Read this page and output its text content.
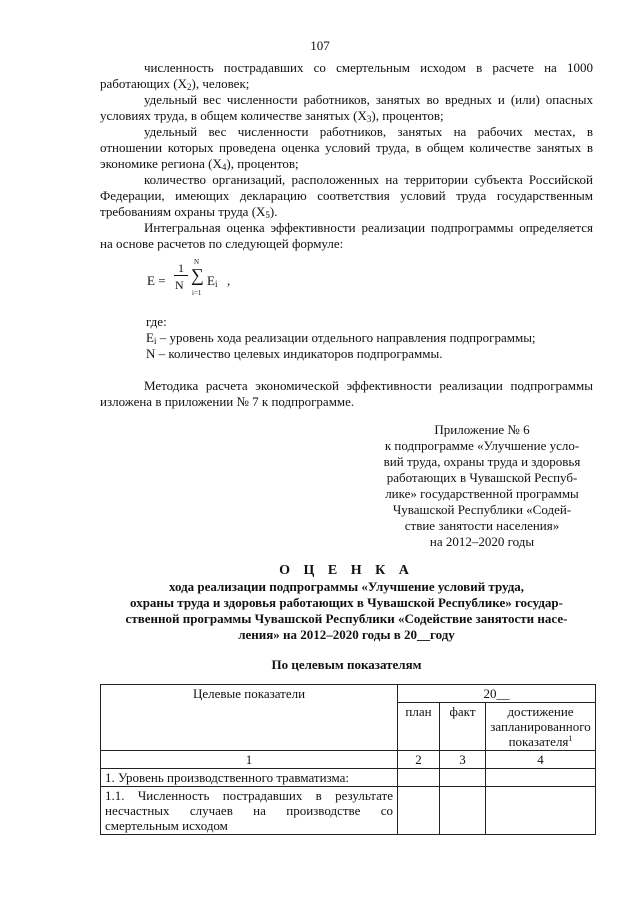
107

численность пострадавших со смертельным исходом в расчете на 1000 работающих $(Х_2)$, человек;

удельный вес численности работников, занятых во вредных и (или) опасных условиях труда, в общем количестве занятых $(Х_3)$, процентов;

удельный вес численности работников, занятых на рабочих местах, в отношении которых проведена оценка условий труда, в общем количестве занятых в экономике региона $(Х_4)$, процентов;

количество организаций, расположенных на территории субъекта Российской Федерации, имеющих декларацию соответствия условий труда государственным требованиям охраны труда $(Х_5)$.

Интегральная оценка эффективности реализации подпрограммы определяется на основе расчетов по следующей формуле:

E =
1
N
N
∑
i=1
$E_i$ ,
где:
$E_i$ – уровень хода реализации отдельного направления подпрограммы;
N – количество целевых индикаторов подпрограммы.

Методика расчета экономической эффективности реализации подпрограммы изложена в приложении № 7 к подпрограмме.

Приложение № 6
к подпрограмме «Улучшение усло-
вий труда, охраны труда и здоровья
работающих в Чувашской Респуб-
лике» государственной программы
Чувашской Республики «Содей-
ствие занятости населения»
на 2012–2020 годы
О Ц Е Н К А
хода реализации подпрограммы «Улучшение условий труда,
охраны труда и здоровья работающих в Чувашской Республике» государ-
ственной программы Чувашской Республики «Содействие занятости насе-
ления» на 2012–2020 годы в 20__году
По целевым показателям
Целевые показатели	20__		
	план	факт	достижение запланированного показателя$^1$
1	2	3	4
1. Уровень производственного травматизма:			
1.1. Численность пострадавших в результате несчастных случаев на производстве со смертельным исходом			
